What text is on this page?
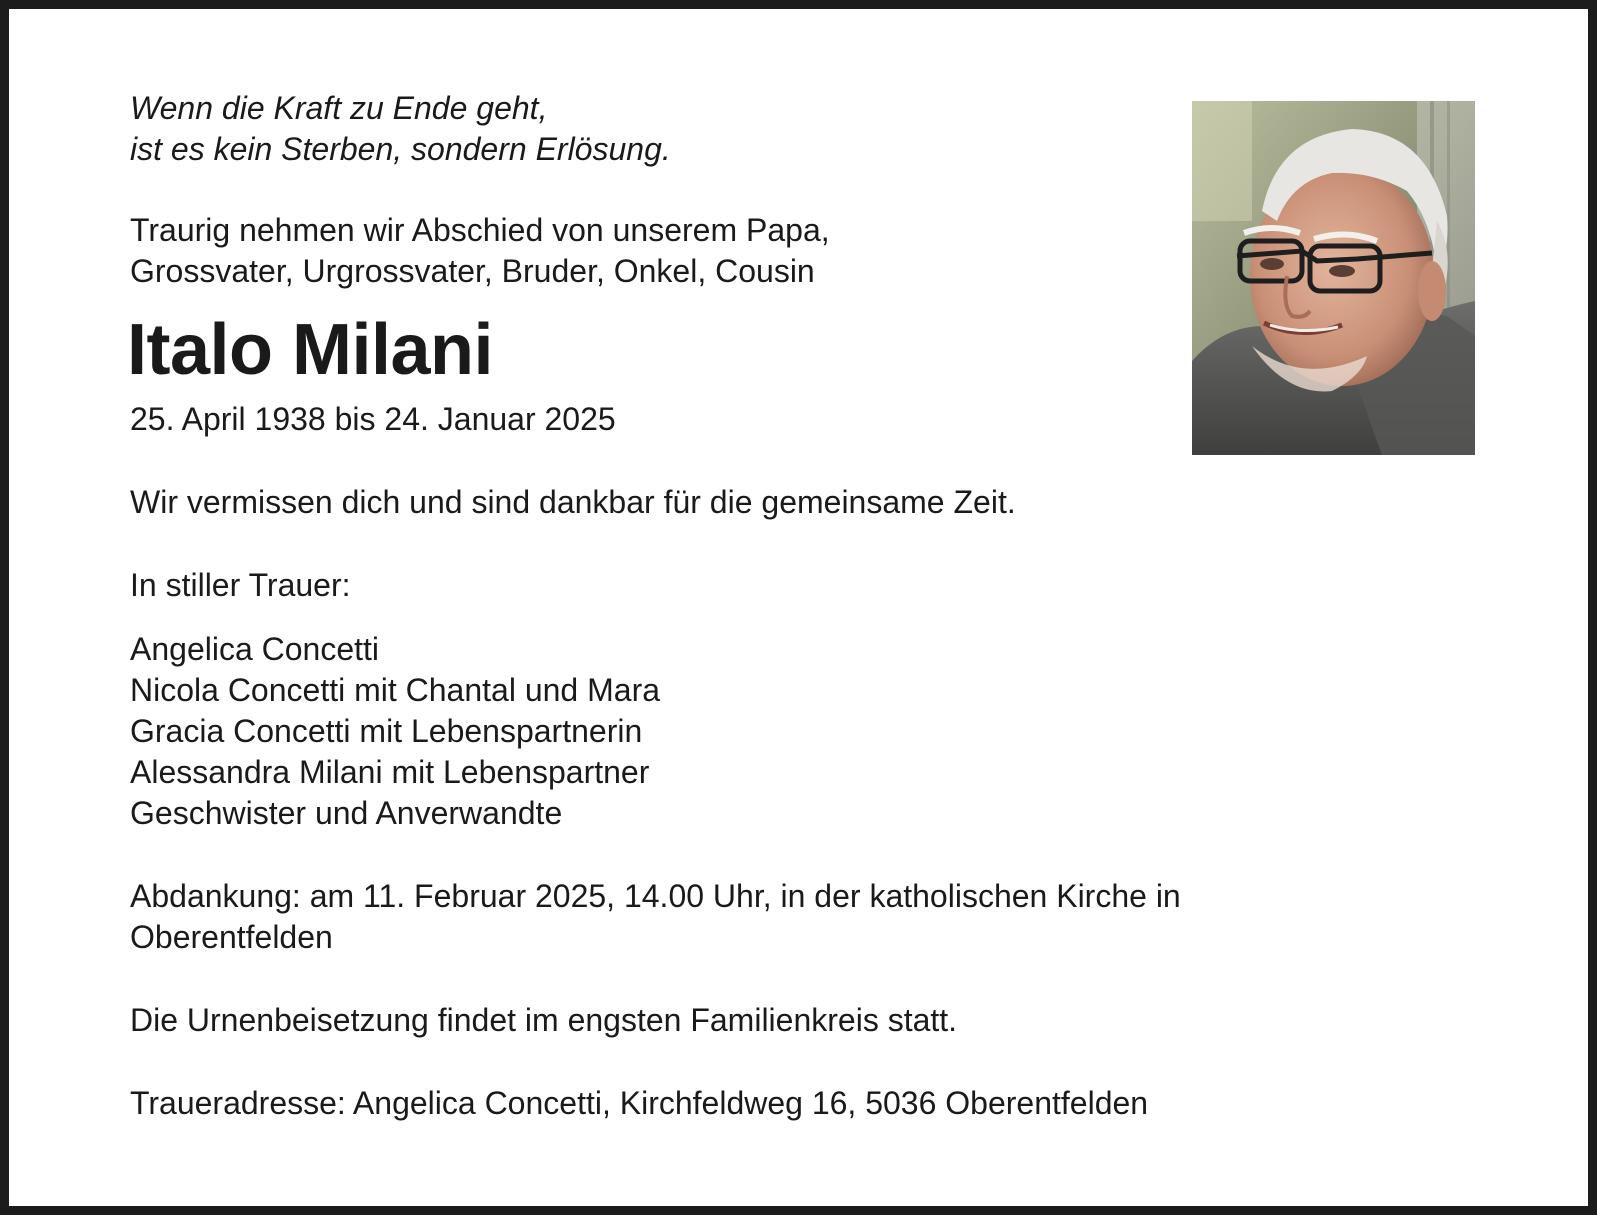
Wenn die Kraft zu Ende geht,

ist es kein Sterben, sondern Erlösung.

Traurig nehmen wir Abschied von unserem Papa,

Grossvater, Urgrossvater, Bruder, Onkel, Cousin

Italo Milani

25. April 1938 bis 24. Januar 2025

Wir vermissen dich und sind dankbar für die gemeinsame Zeit.

In stiller Trauer:

Angelica Concetti

Nicola Concetti mit Chantal und Mara

Gracia Concetti mit Lebenspartnerin

Alessandra Milani mit Lebenspartner

Geschwister und Anverwandte

Abdankung: am 11. Februar 2025, 14.00 Uhr, in der katholischen Kirche in Oberentfelden

Die Urnenbeisetzung findet im engsten Familienkreis statt.

Traueradresse: Angelica Concetti, Kirchfeldweg 16, 5036 Oberentfelden
